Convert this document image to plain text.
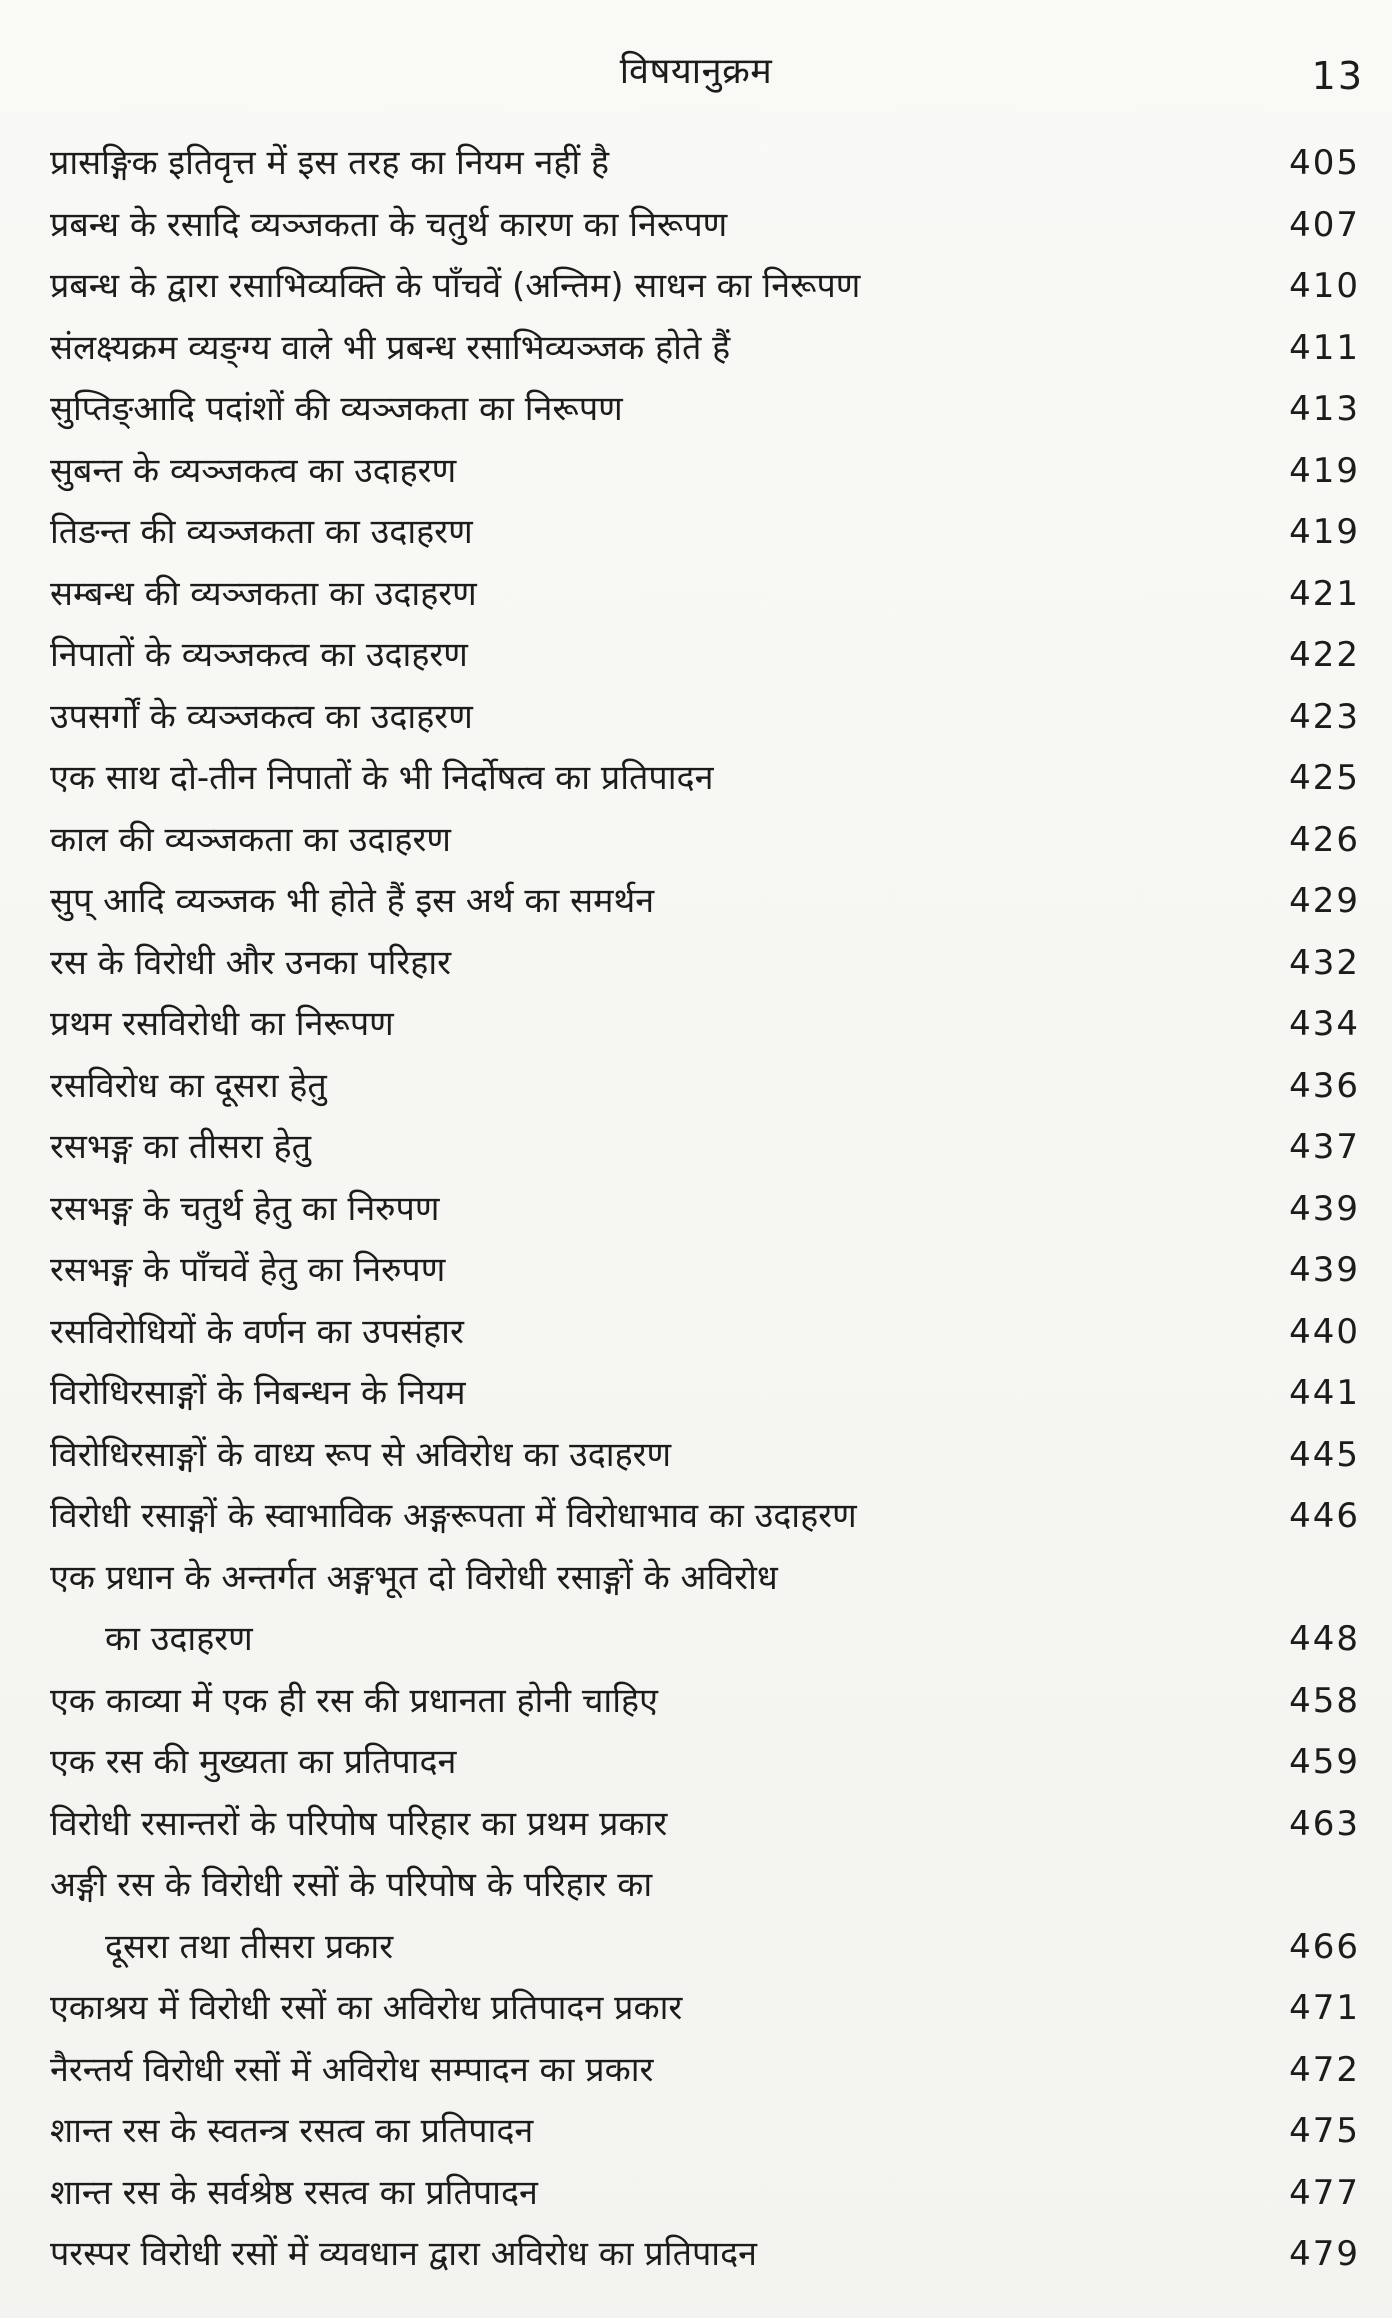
विषयानुक्रम	13
प्रासङ्गिक इतिवृत्त में इस तरह का नियम नहीं है	405
प्रबन्ध के रसादि व्यञ्जकता के चतुर्थ कारण का निरूपण	407
प्रबन्ध के द्वारा रसाभिव्यक्ति के पाँचवें (अन्तिम) साधन का निरूपण	410
संलक्ष्यक्रम व्यङ्ग्य वाले भी प्रबन्ध रसाभिव्यञ्जक होते हैं	411
सुप्तिङ्आदि पदांशों की व्यञ्जकता का निरूपण	413
सुबन्त के व्यञ्जकत्व का उदाहरण	419
तिङन्त की व्यञ्जकता का उदाहरण	419
सम्बन्ध की व्यञ्जकता का उदाहरण	421
निपातों के व्यञ्जकत्व का उदाहरण	422
उपसर्गों के व्यञ्जकत्व का उदाहरण	423
एक साथ दो-तीन निपातों के भी निर्दोषत्व का प्रतिपादन	425
काल की व्यञ्जकता का उदाहरण	426
सुप् आदि व्यञ्जक भी होते हैं इस अर्थ का समर्थन	429
रस के विरोधी और उनका परिहार	432
प्रथम रसविरोधी का निरूपण	434
रसविरोध का दूसरा हेतु	436
रसभङ्ग का तीसरा हेतु	437
रसभङ्ग के चतुर्थ हेतु का निरुपण	439
रसभङ्ग के पाँचवें हेतु का निरुपण	439
रसविरोधियों के वर्णन का उपसंहार	440
विरोधिरसाङ्गों के निबन्धन के नियम	441
विरोधिरसाङ्गों के वाध्य रूप से अविरोध का उदाहरण	445
विरोधी रसाङ्गों के स्वाभाविक अङ्गरूपता में विरोधाभाव का उदाहरण	446
एक प्रधान के अन्तर्गत अङ्गभूत दो विरोधी रसाङ्गों के अविरोध
का उदाहरण	448
एक काव्या में एक ही रस की प्रधानता होनी चाहिए	458
एक रस की मुख्यता का प्रतिपादन	459
विरोधी रसान्तरों के परिपोष परिहार का प्रथम प्रकार	463
अङ्गी रस के विरोधी रसों के परिपोष के परिहार का
दूसरा तथा तीसरा प्रकार	466
एकाश्रय में विरोधी रसों का अविरोध प्रतिपादन प्रकार	471
नैरन्तर्य विरोधी रसों में अविरोध सम्पादन का प्रकार	472
शान्त रस के स्वतन्त्र रसत्व का प्रतिपादन	475
शान्त रस के सर्वश्रेष्ठ रसत्व का प्रतिपादन	477
परस्पर विरोधी रसों में व्यवधान द्वारा अविरोध का प्रतिपादन	479
